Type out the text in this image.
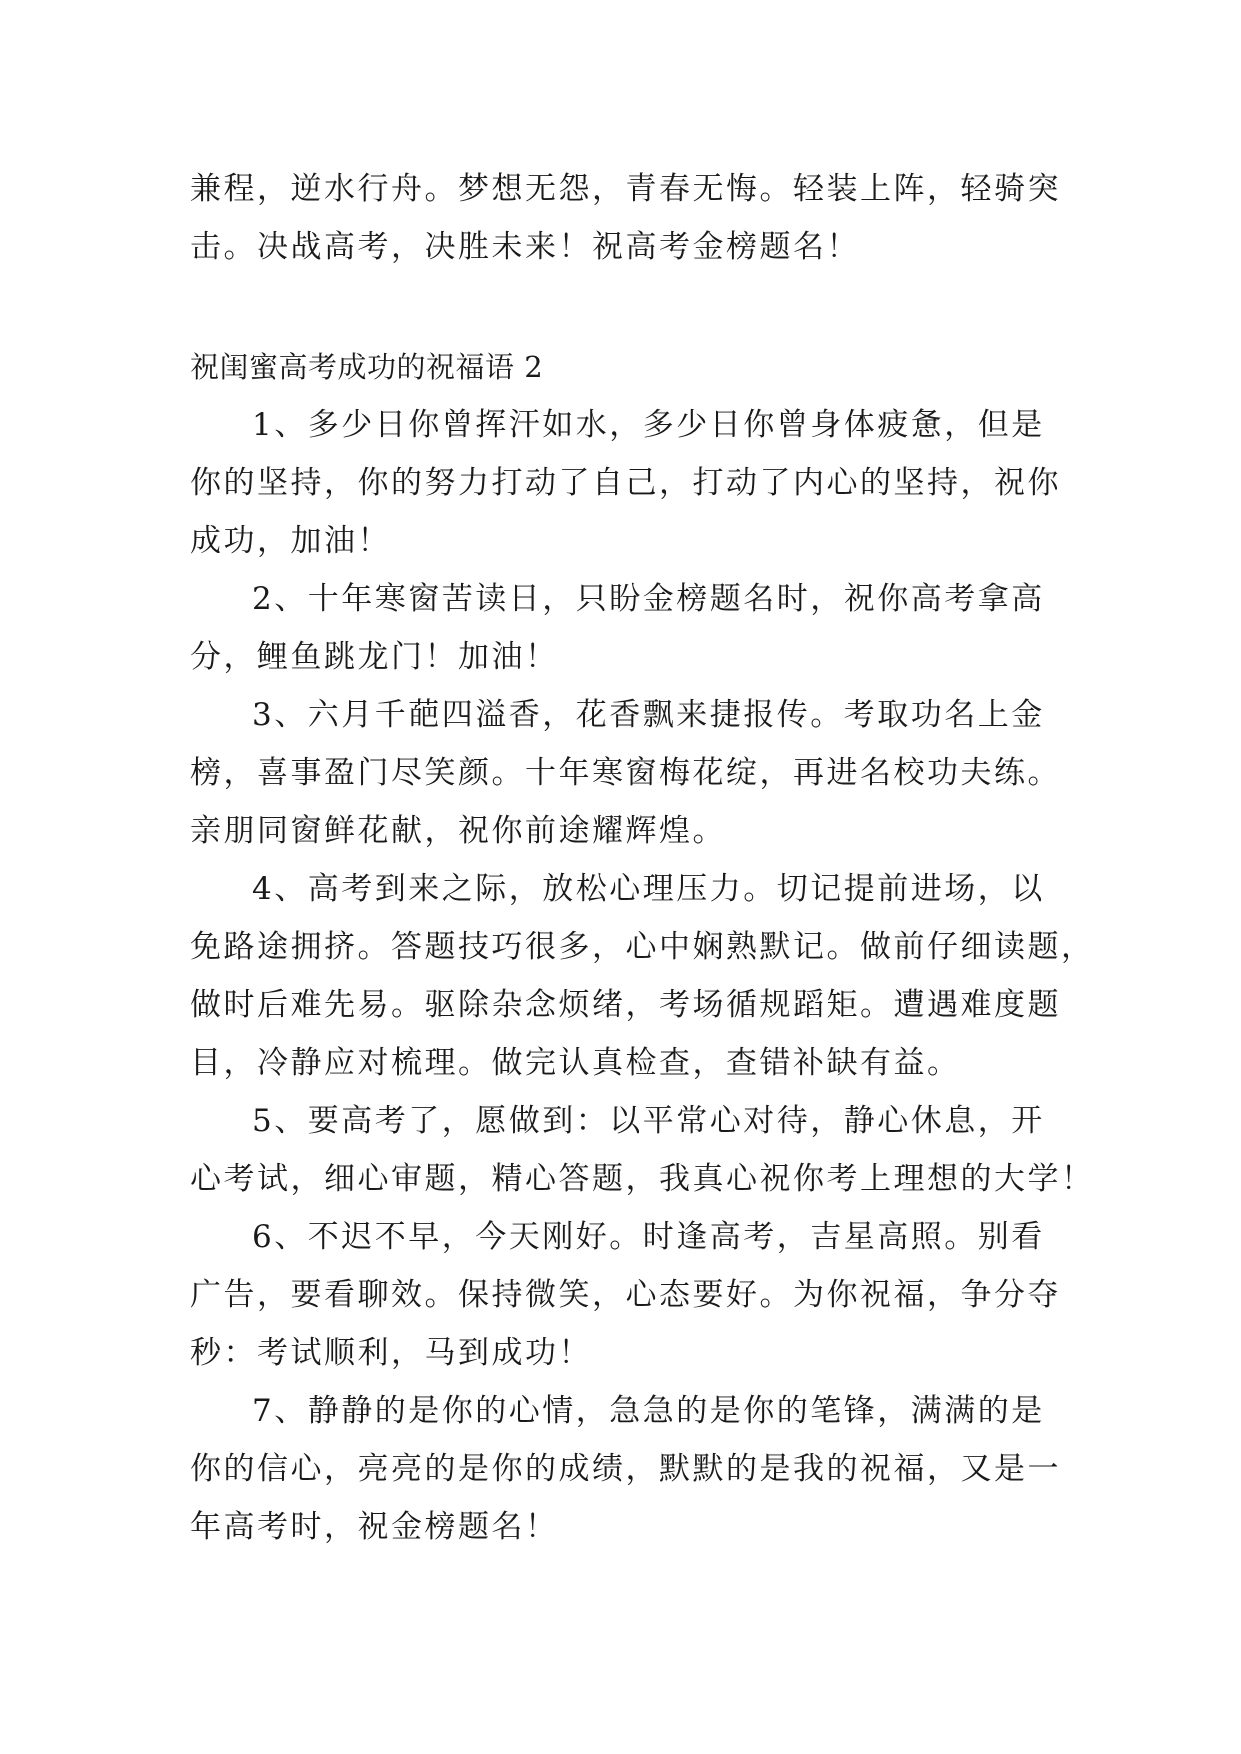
兼程，逆水行舟。梦想无怨，青春无悔。轻装上阵，轻骑突
击。决战高考，决胜未来！祝高考金榜题名！
祝闺蜜高考成功的祝福语 2
1、多少日你曾挥汗如水，多少日你曾身体疲惫，但是
你的坚持，你的努力打动了自己，打动了内心的坚持，祝你
成功，加油！
2、十年寒窗苦读日，只盼金榜题名时，祝你高考拿高
分，鲤鱼跳龙门！加油！
3、六月千葩四溢香，花香飘来捷报传。考取功名上金
榜，喜事盈门尽笑颜。十年寒窗梅花绽，再进名校功夫练。
亲朋同窗鲜花献，祝你前途耀辉煌。
4、高考到来之际，放松心理压力。切记提前进场，以
免路途拥挤。答题技巧很多，心中娴熟默记。做前仔细读题，
做时后难先易。驱除杂念烦绪，考场循规蹈矩。遭遇难度题
目，冷静应对梳理。做完认真检查，查错补缺有益。
5、要高考了，愿做到：以平常心对待，静心休息，开
心考试，细心审题，精心答题，我真心祝你考上理想的大学！
6、不迟不早，今天刚好。时逢高考，吉星高照。别看
广告，要看聊效。保持微笑，心态要好。为你祝福，争分夺
秒：考试顺利，马到成功！
7、静静的是你的心情，急急的是你的笔锋，满满的是
你的信心，亮亮的是你的成绩，默默的是我的祝福，又是一
年高考时，祝金榜题名！
